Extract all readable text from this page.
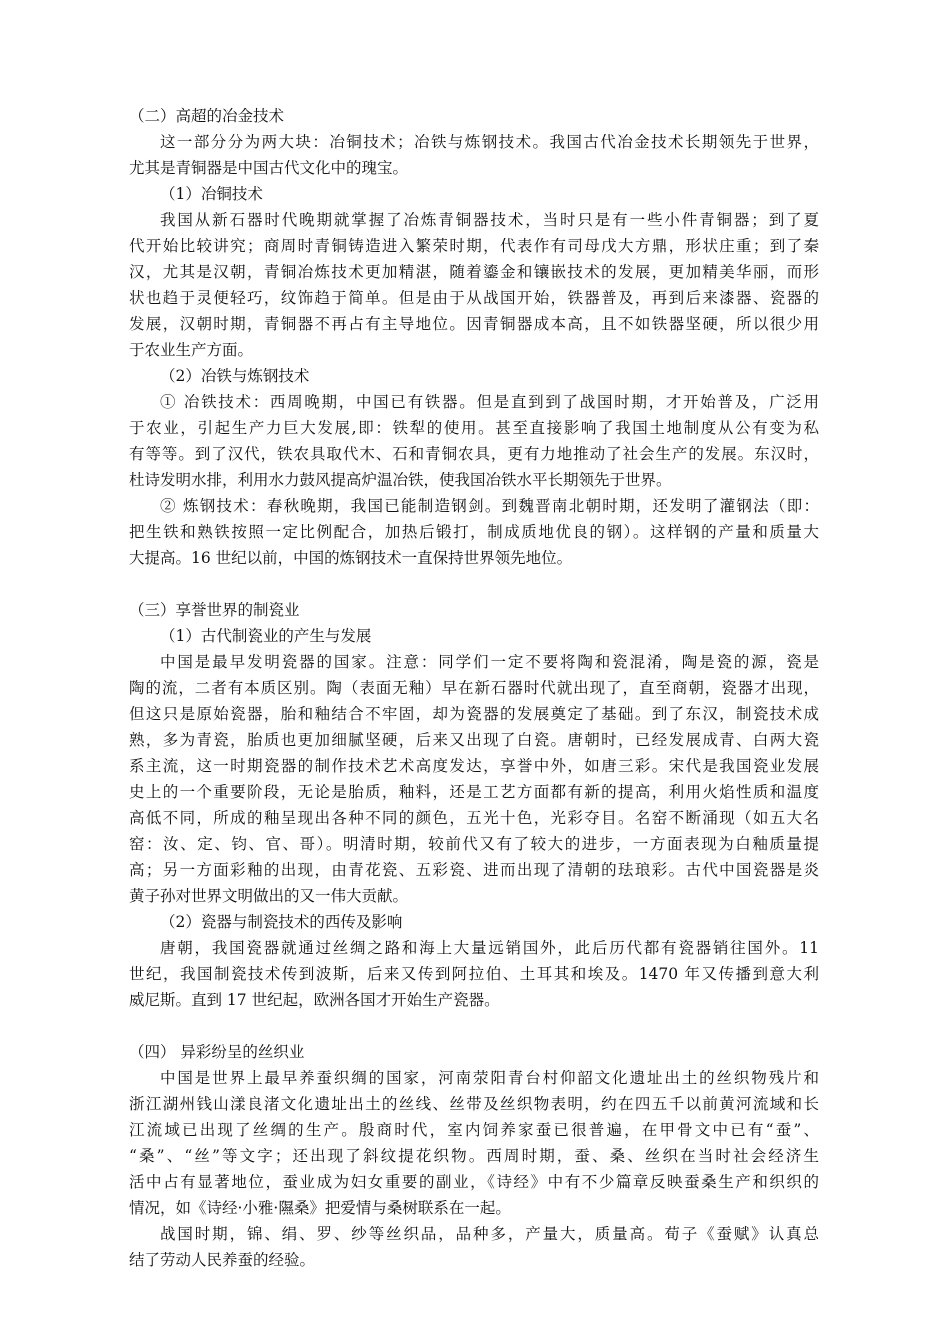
（二）高超的冶金技术
这一部分分为两大块：冶铜技术；冶铁与炼钢技术。我国古代冶金技术长期领先于世界，
尤其是青铜器是中国古代文化中的瑰宝。
（1）冶铜技术
我国从新石器时代晚期就掌握了冶炼青铜器技术，当时只是有一些小件青铜器；到了夏
代开始比较讲究；商周时青铜铸造进入繁荣时期，代表作有司母戊大方鼎，形状庄重；到了秦
汉，尤其是汉朝，青铜冶炼技术更加精湛，随着鎏金和镶嵌技术的发展，更加精美华丽，而形
状也趋于灵便轻巧，纹饰趋于简单。但是由于从战国开始，铁器普及，再到后来漆器、瓷器的
发展，汉朝时期，青铜器不再占有主导地位。因青铜器成本高，且不如铁器坚硬，所以很少用
于农业生产方面。
（2）冶铁与炼钢技术
① 冶铁技术：西周晚期，中国已有铁器。但是直到到了战国时期，才开始普及，广泛用
于农业，引起生产力巨大发展,即：铁犁的使用。甚至直接影响了我国土地制度从公有变为私
有等等。到了汉代，铁农具取代木、石和青铜农具，更有力地推动了社会生产的发展。东汉时，
杜诗发明水排，利用水力鼓风提高炉温冶铁，使我国冶铁水平长期领先于世界。
② 炼钢技术：春秋晚期，我国已能制造钢剑。到魏晋南北朝时期，还发明了灌钢法（即：
把生铁和熟铁按照一定比例配合，加热后锻打，制成质地优良的钢）。这样钢的产量和质量大
大提高。16 世纪以前，中国的炼钢技术一直保持世界领先地位。
（三）享誉世界的制瓷业
（1）古代制瓷业的产生与发展
中国是最早发明瓷器的国家。注意：同学们一定不要将陶和瓷混淆，陶是瓷的源，瓷是
陶的流，二者有本质区别。陶（表面无釉）早在新石器时代就出现了，直至商朝，瓷器才出现，
但这只是原始瓷器，胎和釉结合不牢固，却为瓷器的发展奠定了基础。到了东汉，制瓷技术成
熟，多为青瓷，胎质也更加细腻坚硬，后来又出现了白瓷。唐朝时，已经发展成青、白两大瓷
系主流，这一时期瓷器的制作技术艺术高度发达，享誉中外，如唐三彩。宋代是我国瓷业发展
史上的一个重要阶段，无论是胎质，釉料，还是工艺方面都有新的提高，利用火焰性质和温度
高低不同，所成的釉呈现出各种不同的颜色，五光十色，光彩夺目。名窑不断涌现（如五大名
窑：汝、定、钧、官、哥）。明清时期，较前代又有了较大的进步，一方面表现为白釉质量提
高；另一方面彩釉的出现，由青花瓷、五彩瓷、进而出现了清朝的珐琅彩。古代中国瓷器是炎
黄子孙对世界文明做出的又一伟大贡献。
（2）瓷器与制瓷技术的西传及影响
唐朝，我国瓷器就通过丝绸之路和海上大量远销国外，此后历代都有瓷器销往国外。11
世纪，我国制瓷技术传到波斯，后来又传到阿拉伯、土耳其和埃及。1470 年又传播到意大利
威尼斯。直到 17 世纪起，欧洲各国才开始生产瓷器。
（四） 异彩纷呈的丝织业
中国是世界上最早养蚕织绸的国家，河南荥阳青台村仰韶文化遗址出土的丝织物残片和
浙江湖州钱山漾良渚文化遗址出土的丝线、丝带及丝织物表明，约在四五千以前黄河流域和长
江流域已出现了丝绸的生产。殷商时代，室内饲养家蚕已很普遍，在甲骨文中已有“蚕”、
“桑”、“丝”等文字；还出现了斜纹提花织物。西周时期，蚕、桑、丝织在当时社会经济生
活中占有显著地位，蚕业成为妇女重要的副业，《诗经》中有不少篇章反映蚕桑生产和织织的
情况，如《诗经·小雅·隰桑》把爱情与桑树联系在一起。
战国时期，锦、绢、罗、纱等丝织品，品种多，产量大，质量高。荀子《蚕赋》认真总
结了劳动人民养蚕的经验。
